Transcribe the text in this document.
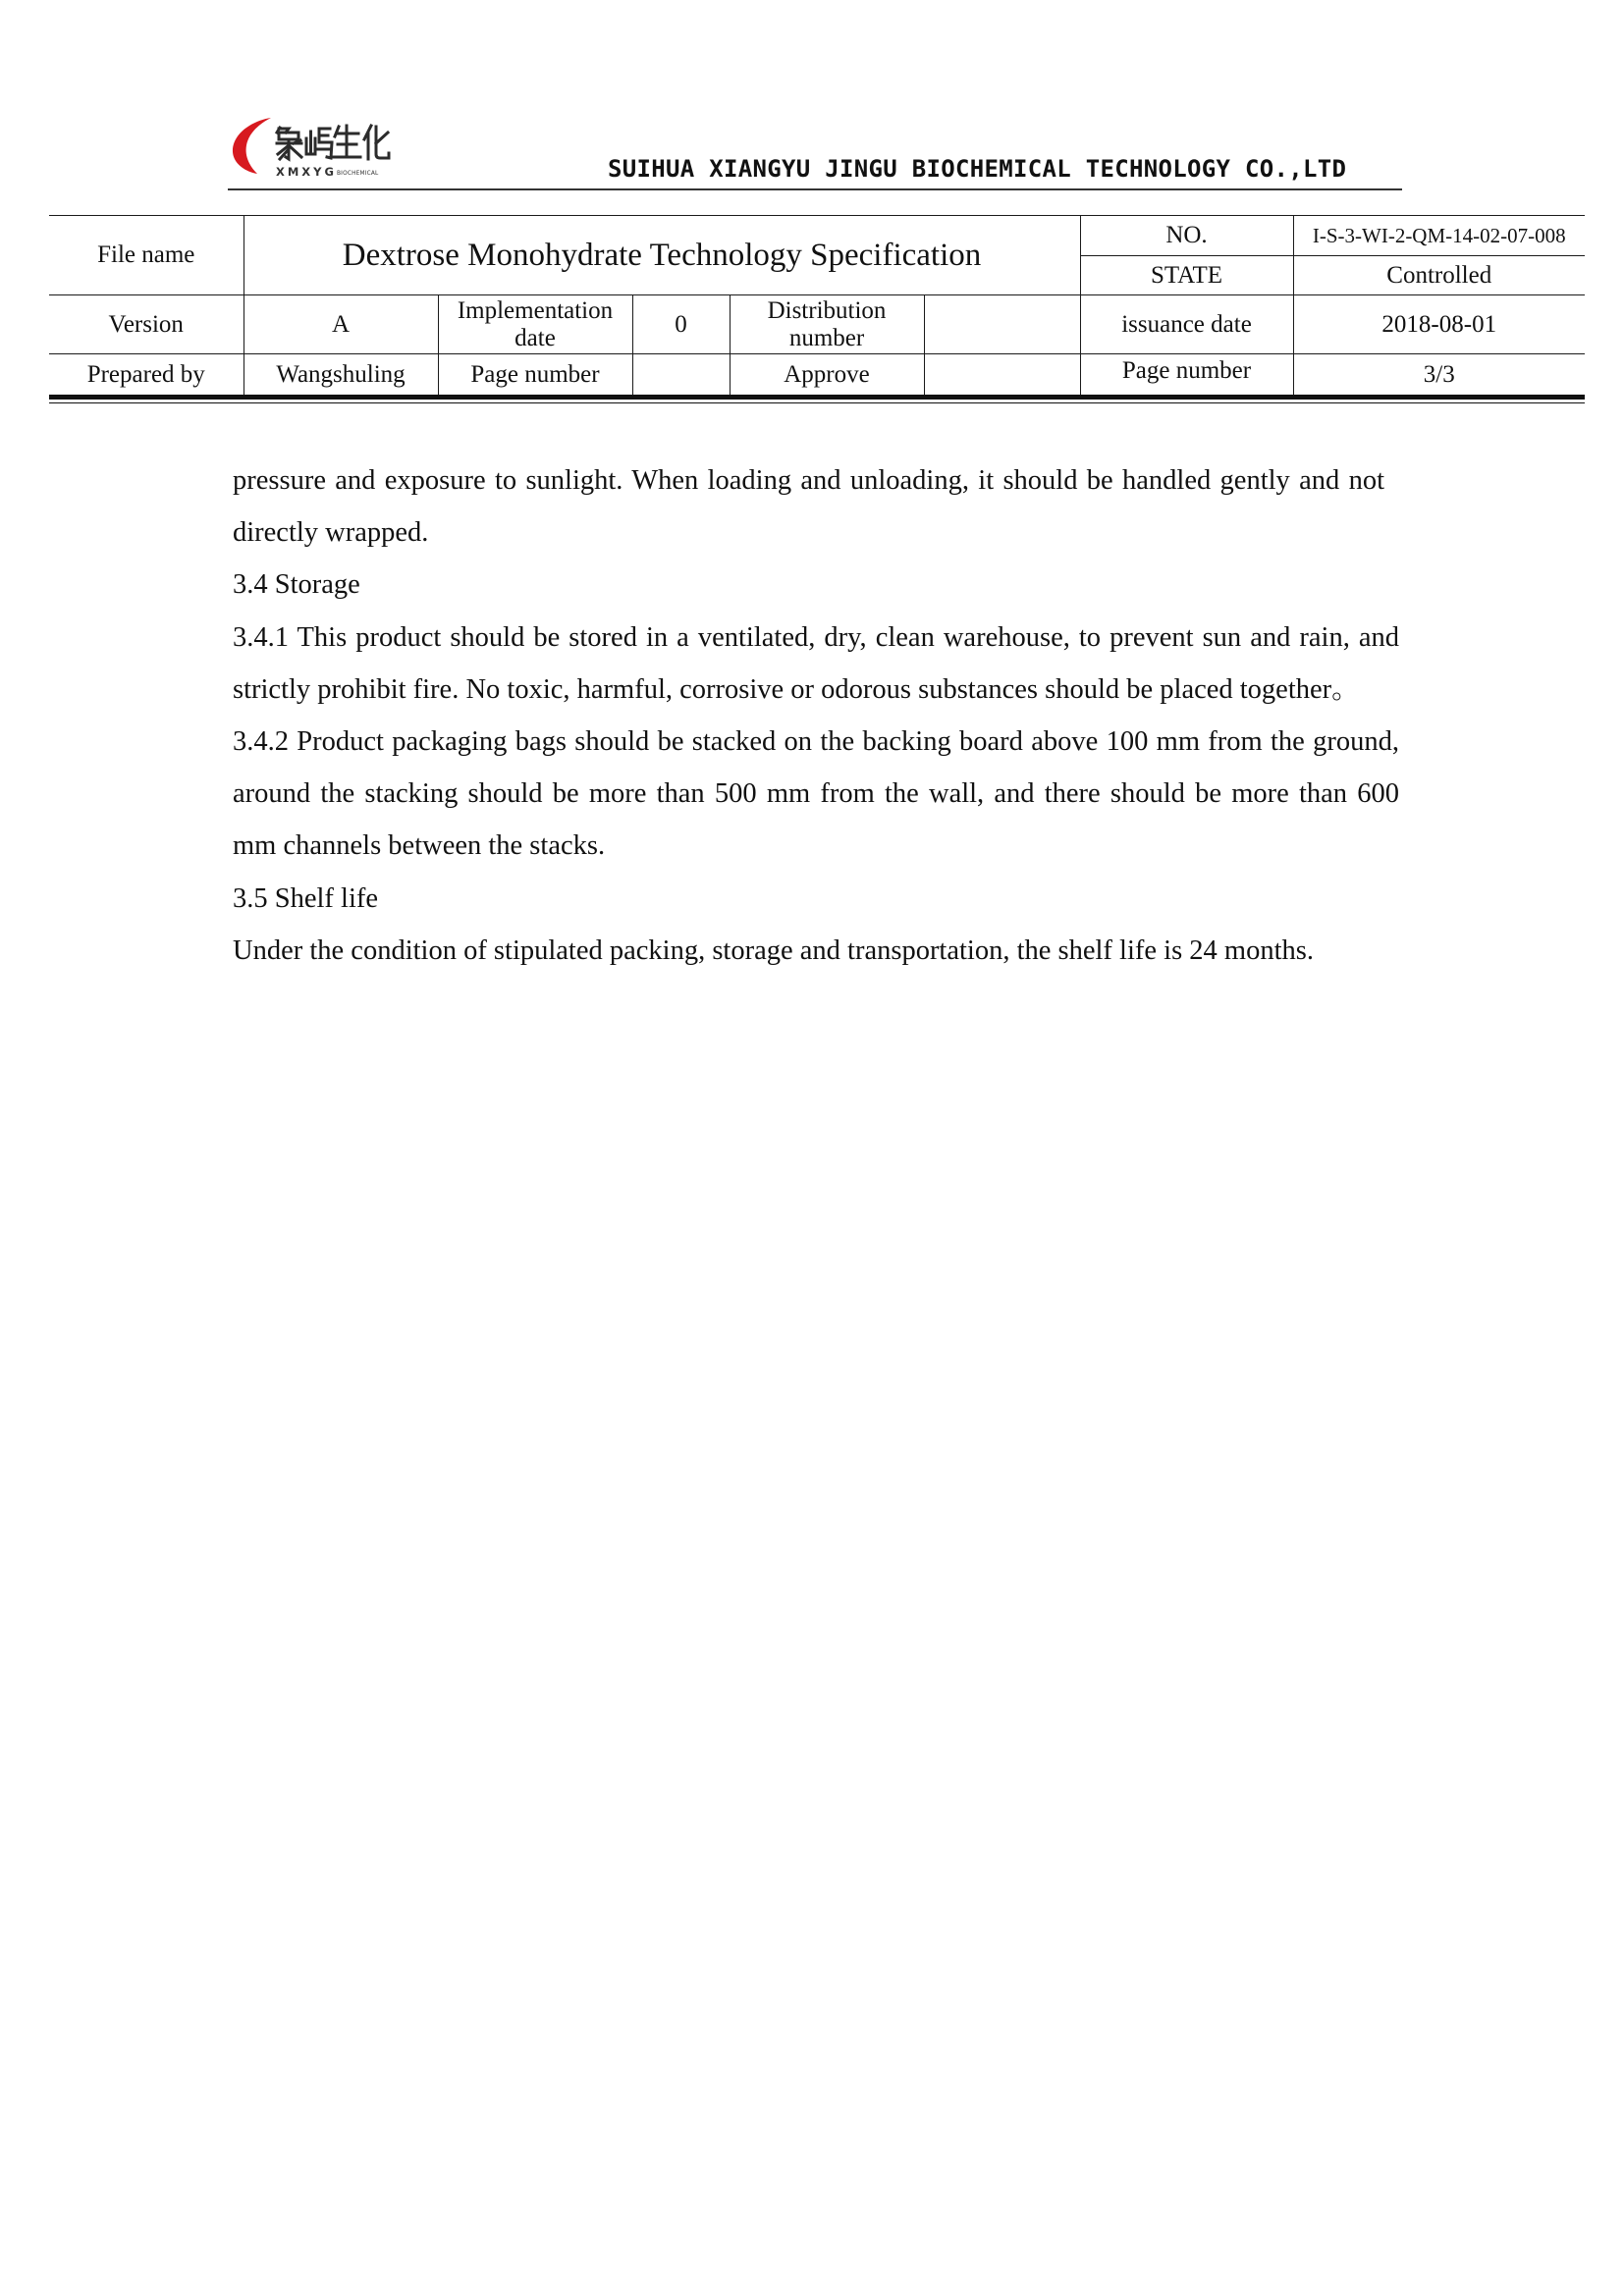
XMXYG BIOCHEMICAL	SUIHUA XIANGYU JINGU BIOCHEMICAL TECHNOLOGY CO.,LTD
File name	Dextrose Monohydrate Technology Specification					NO.	I-S-3-WI-2-QM-14-02-07-008
						STATE	Controlled
Version	A	Implementation date	0	Distribution number		issuance date	2018-08-01
Prepared by	Wangshuling	Page number		Approve		Page number	3/3
pressure and exposure to sunlight. When loading and unloading, it should be handled gently and not
directly wrapped.
3.4 Storage
3.4.1 This product should be stored in a ventilated, dry, clean warehouse, to prevent sun and rain, and
strictly prohibit fire. No toxic, harmful, corrosive or odorous substances should be placed together。
3.4.2 Product packaging bags should be stacked on the backing board above 100 mm from the ground,
around the stacking should be more than 500 mm from the wall, and there should be more than 600
mm channels between the stacks.
3.5 Shelf life
Under the condition of stipulated packing, storage and transportation, the shelf life is 24 months.
